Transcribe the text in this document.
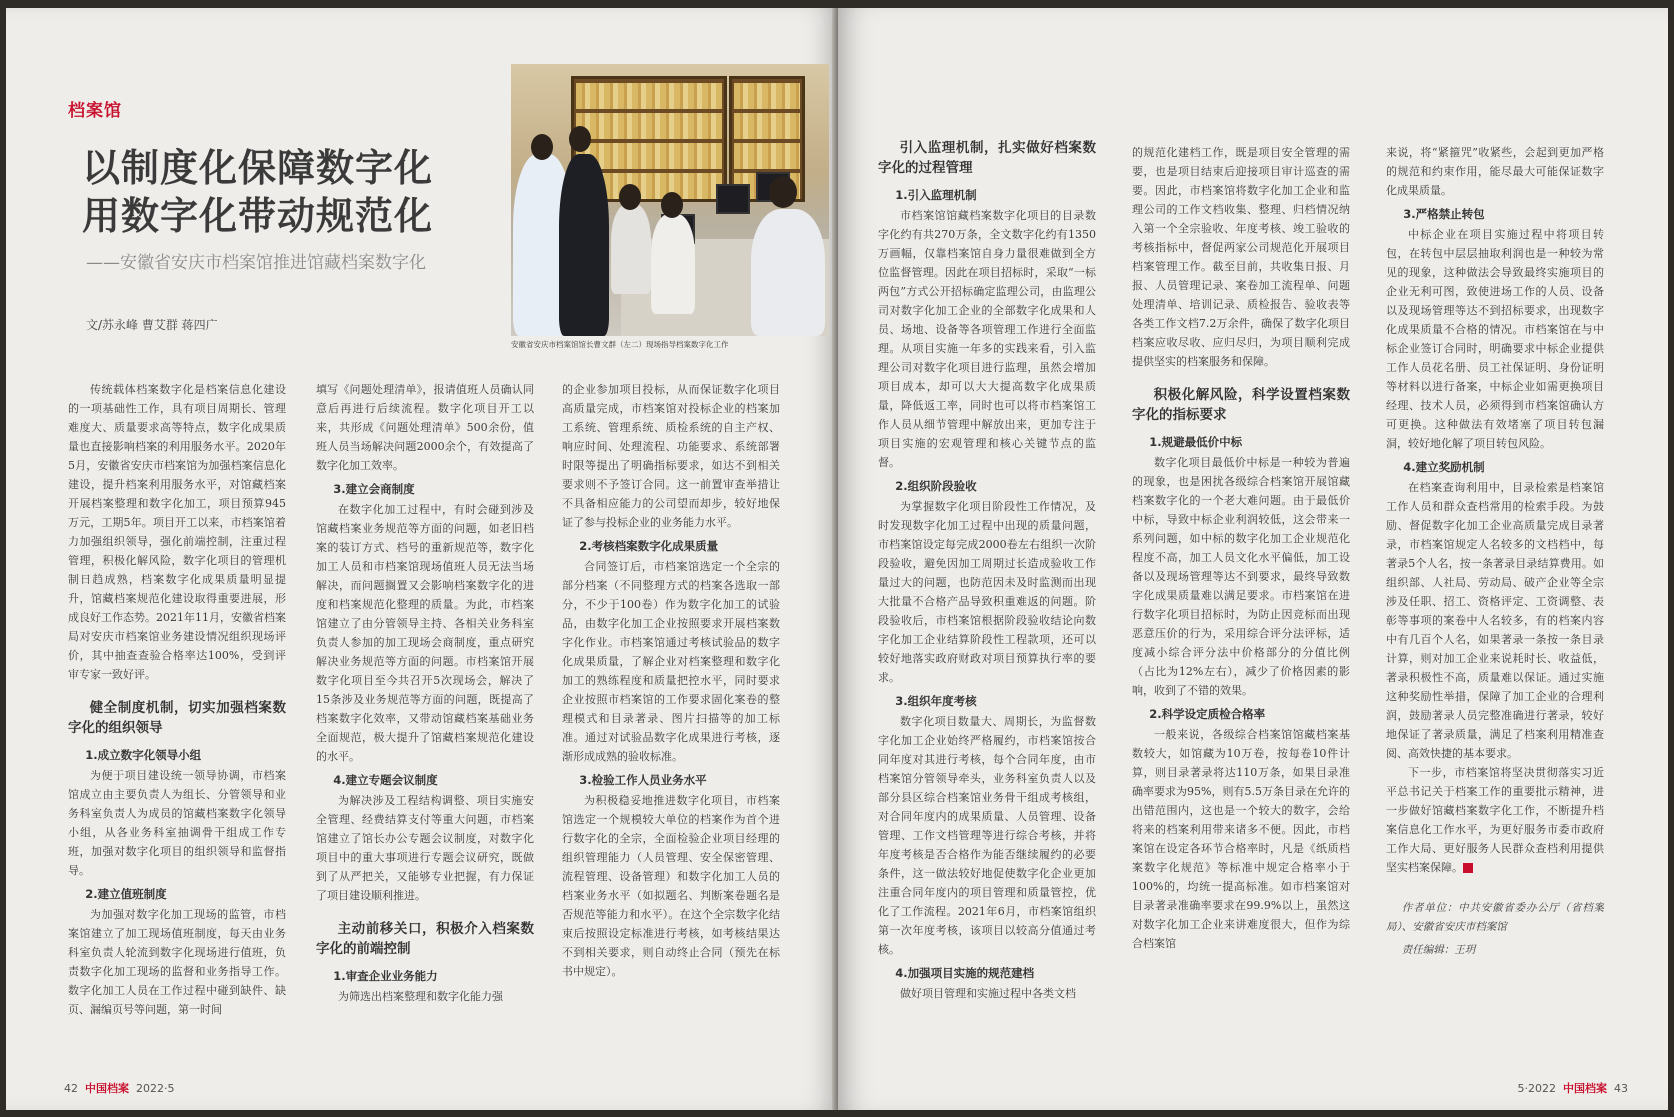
档案馆
以制度化保障数字化
用数字化带动规范化
——安徽省安庆市档案馆推进馆藏档案数字化
文/苏永峰 曹艾群 蒋四广
安徽省安庆市档案馆馆长曹文群（左二）现场指导档案数字化工作

传统载体档案数字化是档案信息化建设的一项基础性工作，具有项目周期长、管理难度大、质量要求高等特点，数字化成果质量也直接影响档案的利用服务水平。2020年5月，安徽省安庆市档案馆为加强档案信息化建设，提升档案利用服务水平，对馆藏档案开展档案整理和数字化加工，项目预算945万元，工期5年。项目开工以来，市档案馆着力加强组织领导，强化前端控制，注重过程管理，积极化解风险，数字化项目的管理机制日趋成熟，档案数字化成果质量明显提升，馆藏档案规范化建设取得重要进展，形成良好工作态势。2021年11月，安徽省档案局对安庆市档案馆业务建设情况组织现场评价，其中抽查查验合格率达100%，受到评审专家一致好评。

健全制度机制，切实加强档案数字化的组织领导
1.成立数字化领导小组

为便于项目建设统一领导协调，市档案馆成立由主要负责人为组长、分管领导和业务科室负责人为成员的馆藏档案数字化领导小组，从各业务科室抽调骨干组成工作专班，加强对数字化项目的组织领导和监督指导。

2.建立值班制度

为加强对数字化加工现场的监管，市档案馆建立了加工现场值班制度，每天由业务科室负责人轮流到数字化现场进行值班，负责数字化加工现场的监督和业务指导工作。数字化加工人员在工作过程中碰到缺件、缺页、漏编页号等问题，第一时间

填写《问题处理清单》，报请值班人员确认同意后再进行后续流程。数字化项目开工以来，共形成《问题处理清单》500余份，值班人员当场解决问题2000余个，有效提高了数字化加工效率。

3.建立会商制度

在数字化加工过程中，有时会碰到涉及馆藏档案业务规范等方面的问题，如老旧档案的装订方式、档号的重新规范等，数字化加工人员和市档案馆现场值班人员无法当场解决，而问题搁置又会影响档案数字化的进度和档案规范化整理的质量。为此，市档案馆建立了由分管领导主持、各相关业务科室负责人参加的加工现场会商制度，重点研究解决业务规范等方面的问题。市档案馆开展数字化项目至今共召开5次现场会，解决了15条涉及业务规范等方面的问题，既提高了档案数字化效率，又带动馆藏档案基础业务全面规范，极大提升了馆藏档案规范化建设的水平。

4.建立专题会议制度

为解决涉及工程结构调整、项目实施安全管理、经费结算支付等重大问题，市档案馆建立了馆长办公专题会议制度，对数字化项目中的重大事项进行专题会议研究，既做到了从严把关，又能够专业把握，有力保证了项目建设顺利推进。

主动前移关口，积极介入档案数字化的前端控制
1.审查企业业务能力

为筛选出档案整理和数字化能力强

的企业参加项目投标，从而保证数字化项目高质量完成，市档案馆对投标企业的档案加工系统、管理系统、质检系统的自主产权、响应时间、处理流程、功能要求、系统部署时限等提出了明确指标要求，如达不到相关要求则不予签订合同。这一前置审查举措让不具备相应能力的公司望而却步，较好地保证了参与投标企业的业务能力水平。

2.考核档案数字化成果质量

合同签订后，市档案馆选定一个全宗的部分档案（不同整理方式的档案各选取一部分，不少于100卷）作为数字化加工的试验品，由数字化加工企业按照要求开展档案数字化作业。市档案馆通过考核试验品的数字化成果质量，了解企业对档案整理和数字化加工的熟练程度和质量把控水平，同时要求企业按照市档案馆的工作要求固化案卷的整理模式和目录著录、图片扫描等的加工标准。通过对试验品数字化成果进行考核，逐渐形成成熟的验收标准。

3.检验工作人员业务水平

为积极稳妥地推进数字化项目，市档案馆选定一个规模较大单位的档案作为首个进行数字化的全宗，全面检验企业项目经理的组织管理能力（人员管理、安全保密管理、流程管理、设备管理）和数字化加工人员的档案业务水平（如拟题名、判断案卷题名是否规范等能力和水平）。在这个全宗数字化结束后按照设定标准进行考核，如考核结果达不到相关要求，则自动终止合同（预先在标书中规定）。

42 中国档案 2022·5
引入监理机制，扎实做好档案数字化的过程管理
1.引入监理机制

市档案馆馆藏档案数字化项目的目录数字化约有共270万条，全文数字化约有1350万画幅，仅靠档案馆自身力量很难做到全方位监督管理。因此在项目招标时，采取“一标两包”方式公开招标确定监理公司，由监理公司对数字化加工企业的全部数字化成果和人员、场地、设备等各项管理工作进行全面监理。从项目实施一年多的实践来看，引入监理公司对数字化项目进行监理，虽然会增加项目成本，却可以大大提高数字化成果质量，降低返工率，同时也可以将市档案馆工作人员从细节管理中解放出来，更加专注于项目实施的宏观管理和核心关键节点的监督。

2.组织阶段验收

为掌握数字化项目阶段性工作情况，及时发现数字化加工过程中出现的质量问题，市档案馆设定每完成2000卷左右组织一次阶段验收，避免因加工周期过长造成验收工作量过大的问题，也防范因未及时监测而出现大批量不合格产品导致积重难返的问题。阶段验收后，市档案馆根据阶段验收结论向数字化加工企业结算阶段性工程款项，还可以较好地落实政府财政对项目预算执行率的要求。

3.组织年度考核

数字化项目数量大、周期长，为监督数字化加工企业始终严格履约，市档案馆按合同年度对其进行考核，每个合同年度，由市档案馆分管领导牵头，业务科室负责人以及部分县区综合档案馆业务骨干组成考核组，对合同年度内的成果质量、人员管理、设备管理、工作文档管理等进行综合考核，并将年度考核是否合格作为能否继续履约的必要条件，这一做法较好地促使数字化企业更加注重合同年度内的项目管理和质量管控，优化了工作流程。2021年6月，市档案馆组织第一次年度考核，该项目以较高分值通过考核。

4.加强项目实施的规范建档

做好项目管理和实施过程中各类文档

的规范化建档工作，既是项目安全管理的需要，也是项目结束后迎接项目审计巡查的需要。因此，市档案馆将数字化加工企业和监理公司的工作文档收集、整理、归档情况纳入第一个全宗验收、年度考核、竣工验收的考核指标中，督促两家公司规范化开展项目档案管理工作。截至目前，共收集日报、月报、人员管理记录、案卷加工流程单、问题处理清单、培训记录、质检报告、验收表等各类工作文档7.2万余件，确保了数字化项目档案应收尽收、应归尽归，为项目顺利完成提供坚实的档案服务和保障。

积极化解风险，科学设置档案数字化的指标要求
1.规避最低价中标

数字化项目最低价中标是一种较为普遍的现象，也是困扰各级综合档案馆开展馆藏档案数字化的一个老大难问题。由于最低价中标，导致中标企业利润较低，这会带来一系列问题，如中标的数字化加工企业规范化程度不高，加工人员文化水平偏低，加工设备以及现场管理等达不到要求，最终导致数字化成果质量难以满足要求。市档案馆在进行数字化项目招标时，为防止因竞标而出现恶意压价的行为，采用综合评分法评标，适度减小综合评分法中价格部分的分值比例（占比为12%左右），减少了价格因素的影响，收到了不错的效果。

2.科学设定质检合格率

一般来说，各级综合档案馆馆藏档案基数较大，如馆藏为10万卷，按每卷10件计算，则目录著录将达110万条，如果目录准确率要求为95%，则有5.5万条目录在允许的出错范围内，这也是一个较大的数字，会给将来的档案利用带来诸多不便。因此，市档案馆在设定各环节合格率时，凡是《纸质档案数字化规范》等标准中规定合格率小于100%的，均统一提高标准。如市档案馆对目录著录准确率要求在99.9%以上，虽然这对数字化加工企业来讲难度很大，但作为综合档案馆

来说，将“紧箍咒”收紧些，会起到更加严格的规范和约束作用，能尽最大可能保证数字化成果质量。

3.严格禁止转包

中标企业在项目实施过程中将项目转包，在转包中层层抽取利润也是一种较为常见的现象，这种做法会导致最终实施项目的企业无利可图，致使进场工作的人员、设备以及现场管理等达不到招标要求，出现数字化成果质量不合格的情况。市档案馆在与中标企业签订合同时，明确要求中标企业提供工作人员花名册、员工社保证明、身份证明等材料以进行备案，中标企业如需更换项目经理、技术人员，必须得到市档案馆确认方可更换。这种做法有效堵塞了项目转包漏洞，较好地化解了项目转包风险。

4.建立奖励机制

在档案查询利用中，目录检索是档案馆工作人员和群众查档常用的检索手段。为鼓励、督促数字化加工企业高质量完成目录著录，市档案馆规定人名较多的文档档中，每著录5个人名，按一条著录目录结算费用。如组织部、人社局、劳动局、破产企业等全宗涉及任职、招工、资格评定、工资调整、表彰等事项的案卷中人名较多，有的档案内容中有几百个人名，如果著录一条按一条目录计算，则对加工企业来说耗时长、收益低，著录积极性不高，质量难以保证。通过实施这种奖励性举措，保障了加工企业的合理利润，鼓励著录人员完整准确进行著录，较好地保证了著录质量，满足了档案利用精准查阅、高效快捷的基本要求。

下一步，市档案馆将坚决贯彻落实习近平总书记关于档案工作的重要批示精神，进一步做好馆藏档案数字化工作，不断提升档案信息化工作水平，为更好服务市委市政府工作大局、更好服务人民群众查档利用提供坚实档案保障。

作者单位：中共安徽省委办公厅（省档案局）、安徽省安庆市档案馆
责任编辑：王玥
5·2022 中国档案 43
